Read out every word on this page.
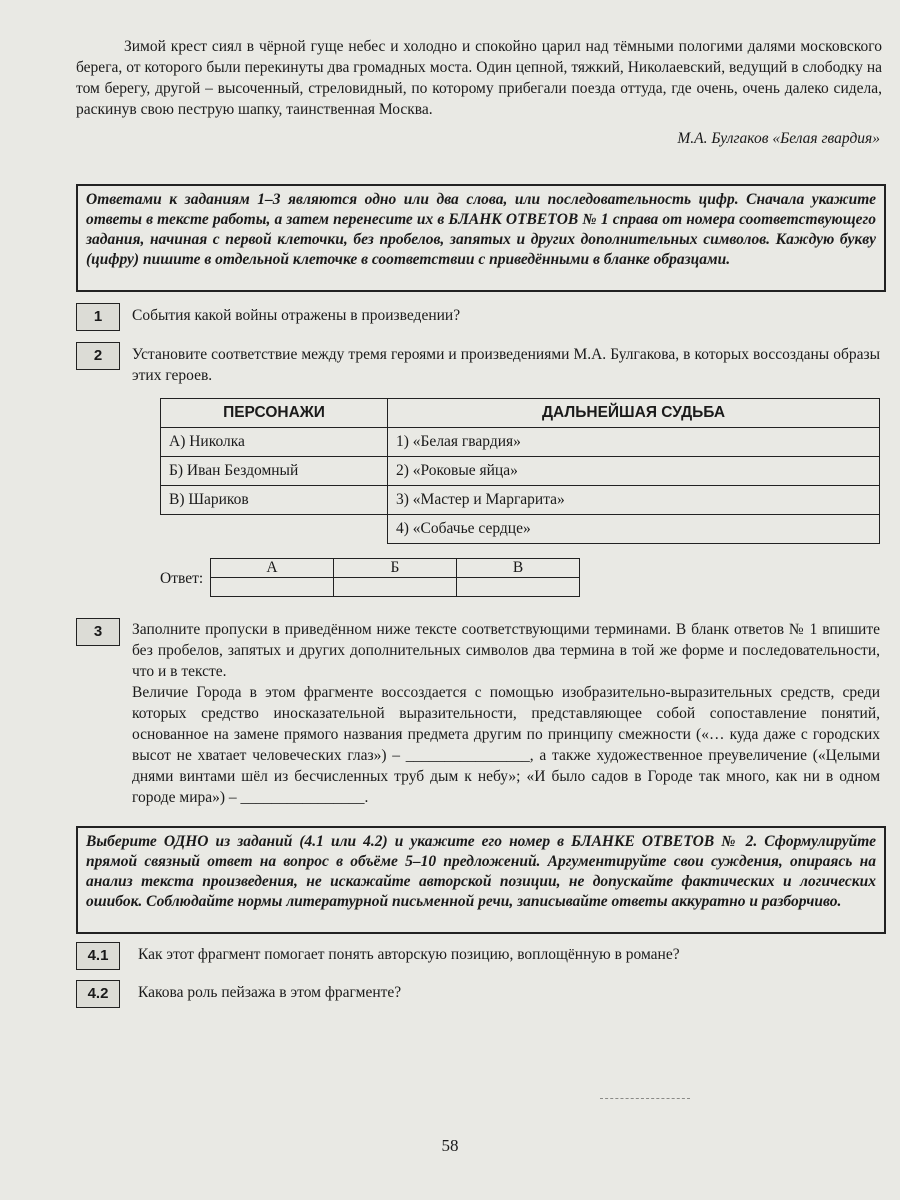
Зимой крест сиял в чёрной гуще небес и холодно и спокойно царил над тёмными пологими далями московского берега, от которого были перекинуты два громадных моста. Один цепной, тяжкий, Николаевский, ведущий в слободку на том берегу, другой – высоченный, стреловидный, по которому прибегали поезда оттуда, где очень, очень далеко сидела, раскинув свою пеструю шапку, таинственная Москва.
М.А. Булгаков «Белая гвардия»
Ответами к заданиям 1–3 являются одно или два слова, или последовательность цифр. Сначала укажите ответы в тексте работы, а затем перенесите их в БЛАНК ОТВЕТОВ № 1 справа от номера соответствующего задания, начиная с первой клеточки, без пробелов, запятых и других дополнительных символов. Каждую букву (цифру) пишите в отдельной клеточке в соответствии с приведёнными в бланке образцами.
1	События какой войны отражены в произведении?
2	Установите соответствие между тремя героями и произведениями М.А. Булгакова, в которых воссозданы образы этих героев.
ПЕРСОНАЖИ	ДАЛЬНЕЙШАЯ СУДЬБА
А) Николка	1) «Белая гвардия»
Б) Иван Бездомный	2) «Роковые яйца»
В) Шариков	3) «Мастер и Маргарита»
	4) «Собачье сердце»
Ответ:
А	Б	В

3	Заполните пропуски в приведённом ниже тексте соответствующими терминами. В бланк ответов № 1 впишите без пробелов, запятых и других дополнительных символов два термина в той же форме и последовательности, что и в тексте.
Величие Города в этом фрагменте воссоздается с помощью изобразительно-выразительных средств, среди которых средство иносказательной выразительности, представляющее собой сопоставление понятий, основанное на замене прямого названия предмета другим по принципу смежности («… куда даже с городских высот не хватает человеческих глаз») – ________________, а также художественное преувеличение («Целыми днями винтами шёл из бесчисленных труб дым к небу»; «И было садов в Городе так много, как ни в одном городе мира») – ________________.
Выберите ОДНО из заданий (4.1 или 4.2) и укажите его номер в БЛАНКЕ ОТВЕТОВ № 2. Сформулируйте прямой связный ответ на вопрос в объёме 5–10 предложений. Аргументируйте свои суждения, опираясь на анализ текста произведения, не искажайте авторской позиции, не допускайте фактических и логических ошибок. Соблюдайте нормы литературной письменной речи, записывайте ответы аккуратно и разборчиво.
4.1	Как этот фрагмент помогает понять авторскую позицию, воплощённую в романе?
4.2	Какова роль пейзажа в этом фрагменте?
58
